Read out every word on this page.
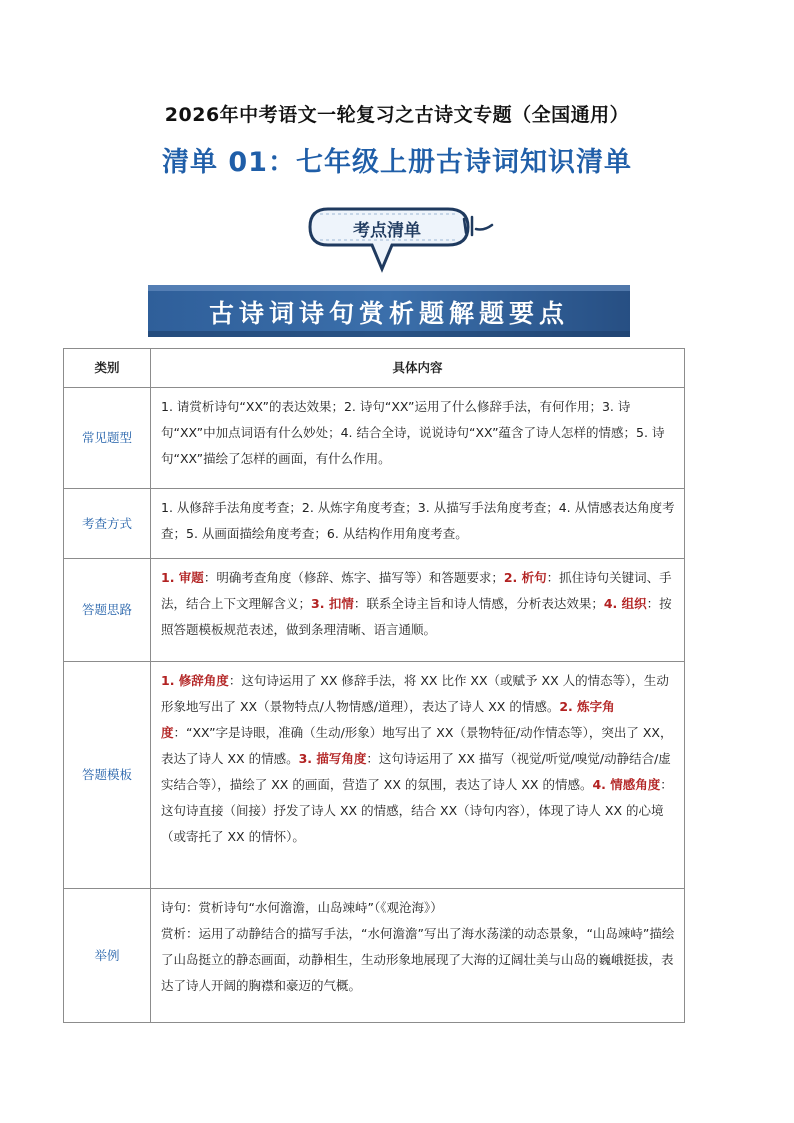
2026年中考语文一轮复习之古诗文专题（全国通用）
清单 01：七年级上册古诗词知识清单
考点清单
古诗词诗句赏析题解题要点
类别	具体内容
常见题型	1. 请赏析诗句“XX”的表达效果；2. 诗句“XX”运用了什么修辞手法，有何作用；3. 诗句“XX”中加点词语有什么妙处；4. 结合全诗，说说诗句“XX”蕴含了诗人怎样的情感；5. 诗句“XX”描绘了怎样的画面，有什么作用。

考查方式	1. 从修辞手法角度考查；2. 从炼字角度考查；3. 从描写手法角度考查；4. 从情感表达角度考查；5. 从画面描绘角度考查；6. 从结构作用角度考查。

答题思路	1. 审题：明确考查角度（修辞、炼字、描写等）和答题要求；2. 析句：抓住诗句关键词、手法，结合上下文理解含义；3. 扣情：联系全诗主旨和诗人情感，分析表达效果；4. 组织：按照答题模板规范表述，做到条理清晰、语言通顺。

答题模板	1. 修辞角度：这句诗运用了 XX 修辞手法，将 XX 比作 XX（或赋予 XX 人的情态等），生动形象地写出了 XX（景物特点/人物情感/道理），表达了诗人 XX 的情感。2. 炼字角度：“XX”字是诗眼，准确（生动/形象）地写出了 XX（景物特征/动作情态等），突出了 XX，表达了诗人 XX 的情感。3. 描写角度：这句诗运用了 XX 描写（视觉/听觉/嗅觉/动静结合/虚实结合等），描绘了 XX 的画面，营造了 XX 的氛围，表达了诗人 XX 的情感。4. 情感角度：这句诗直接（间接）抒发了诗人 XX 的情感，结合 XX（诗句内容），体现了诗人 XX 的心境（或寄托了 XX 的情怀）。

举例	诗句：赏析诗句“水何澹澹，山岛竦峙”（《观沧海》）

赏析：运用了动静结合的描写手法，“水何澹澹”写出了海水荡漾的动态景象，“山岛竦峙”描绘了山岛挺立的静态画面，动静相生，生动形象地展现了大海的辽阔壮美与山岛的巍峨挺拔，表达了诗人开阔的胸襟和豪迈的气概。
